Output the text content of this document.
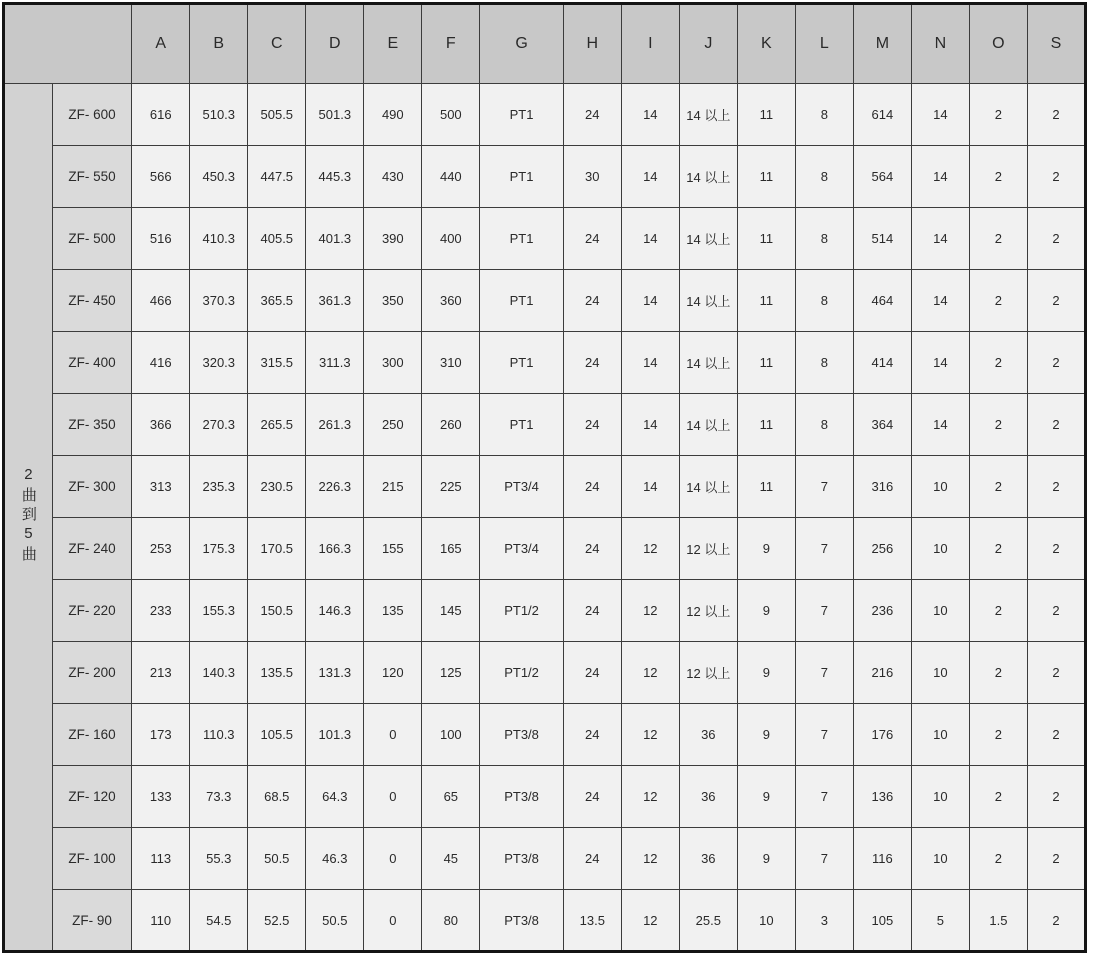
		A	B	C	D	E	F	G	H	I	J	K	L	M	N	O	S
2曲到5曲	ZF- 600	616	510.3	505.5	501.3	490	500	PT1	24	14	14 以上	11	8	614	14	2	2
	ZF- 550	566	450.3	447.5	445.3	430	440	PT1	30	14	14 以上	11	8	564	14	2	2
	ZF- 500	516	410.3	405.5	401.3	390	400	PT1	24	14	14 以上	11	8	514	14	2	2
	ZF- 450	466	370.3	365.5	361.3	350	360	PT1	24	14	14 以上	11	8	464	14	2	2
	ZF- 400	416	320.3	315.5	311.3	300	310	PT1	24	14	14 以上	11	8	414	14	2	2
	ZF- 350	366	270.3	265.5	261.3	250	260	PT1	24	14	14 以上	11	8	364	14	2	2
	ZF- 300	313	235.3	230.5	226.3	215	225	PT3/4	24	14	14 以上	11	7	316	10	2	2
	ZF- 240	253	175.3	170.5	166.3	155	165	PT3/4	24	12	12 以上	9	7	256	10	2	2
	ZF- 220	233	155.3	150.5	146.3	135	145	PT1/2	24	12	12 以上	9	7	236	10	2	2
	ZF- 200	213	140.3	135.5	131.3	120	125	PT1/2	24	12	12 以上	9	7	216	10	2	2
	ZF- 160	173	110.3	105.5	101.3	0	100	PT3/8	24	12	36	9	7	176	10	2	2
	ZF- 120	133	73.3	68.5	64.3	0	65	PT3/8	24	12	36	9	7	136	10	2	2
	ZF- 100	113	55.3	50.5	46.3	0	45	PT3/8	24	12	36	9	7	116	10	2	2
	ZF- 90	110	54.5	52.5	50.5	0	80	PT3/8	13.5	12	25.5	10	3	105	5	1.5	2
